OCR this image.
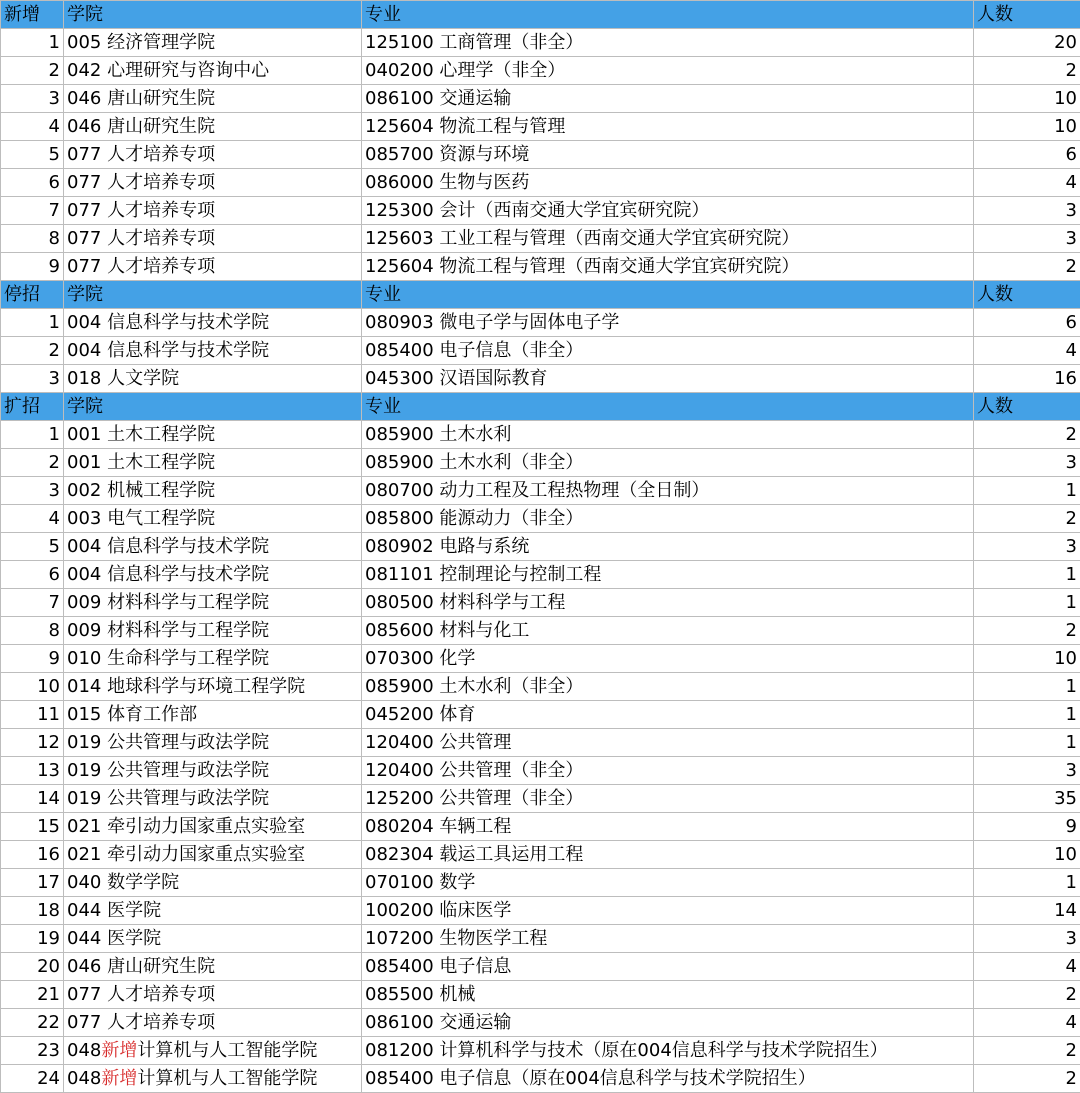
新增	学院	专业	人数
1	005 经济管理学院	125100 工商管理（非全）	20
2	042 心理研究与咨询中心	040200 心理学（非全）	2
3	046 唐山研究生院	086100 交通运输	10
4	046 唐山研究生院	125604 物流工程与管理	10
5	077 人才培养专项	085700 资源与环境	6
6	077 人才培养专项	086000 生物与医药	4
7	077 人才培养专项	125300 会计（西南交通大学宜宾研究院）	3
8	077 人才培养专项	125603 工业工程与管理（西南交通大学宜宾研究院）	3
9	077 人才培养专项	125604 物流工程与管理（西南交通大学宜宾研究院）	2
停招	学院	专业	人数
1	004 信息科学与技术学院	080903 微电子学与固体电子学	6
2	004 信息科学与技术学院	085400 电子信息（非全）	4
3	018 人文学院	045300 汉语国际教育	16
扩招	学院	专业	人数
1	001 土木工程学院	085900 土木水利	2
2	001 土木工程学院	085900 土木水利（非全）	3
3	002 机械工程学院	080700 动力工程及工程热物理（全日制）	1
4	003 电气工程学院	085800 能源动力（非全）	2
5	004 信息科学与技术学院	080902 电路与系统	3
6	004 信息科学与技术学院	081101 控制理论与控制工程	1
7	009 材料科学与工程学院	080500 材料科学与工程	1
8	009 材料科学与工程学院	085600 材料与化工	2
9	010 生命科学与工程学院	070300 化学	10
10	014 地球科学与环境工程学院	085900 土木水利（非全）	1
11	015 体育工作部	045200 体育	1
12	019 公共管理与政法学院	120400 公共管理	1
13	019 公共管理与政法学院	120400 公共管理（非全）	3
14	019 公共管理与政法学院	125200 公共管理（非全）	35
15	021 牵引动力国家重点实验室	080204 车辆工程	9
16	021 牵引动力国家重点实验室	082304 载运工具运用工程	10
17	040 数学学院	070100 数学	1
18	044 医学院	100200 临床医学	14
19	044 医学院	107200 生物医学工程	3
20	046 唐山研究生院	085400 电子信息	4
21	077 人才培养专项	085500 机械	2
22	077 人才培养专项	086100 交通运输	4
23	048新增计算机与人工智能学院	081200 计算机科学与技术（原在004信息科学与技术学院招生）	2
24	048新增计算机与人工智能学院	085400 电子信息（原在004信息科学与技术学院招生）	2
